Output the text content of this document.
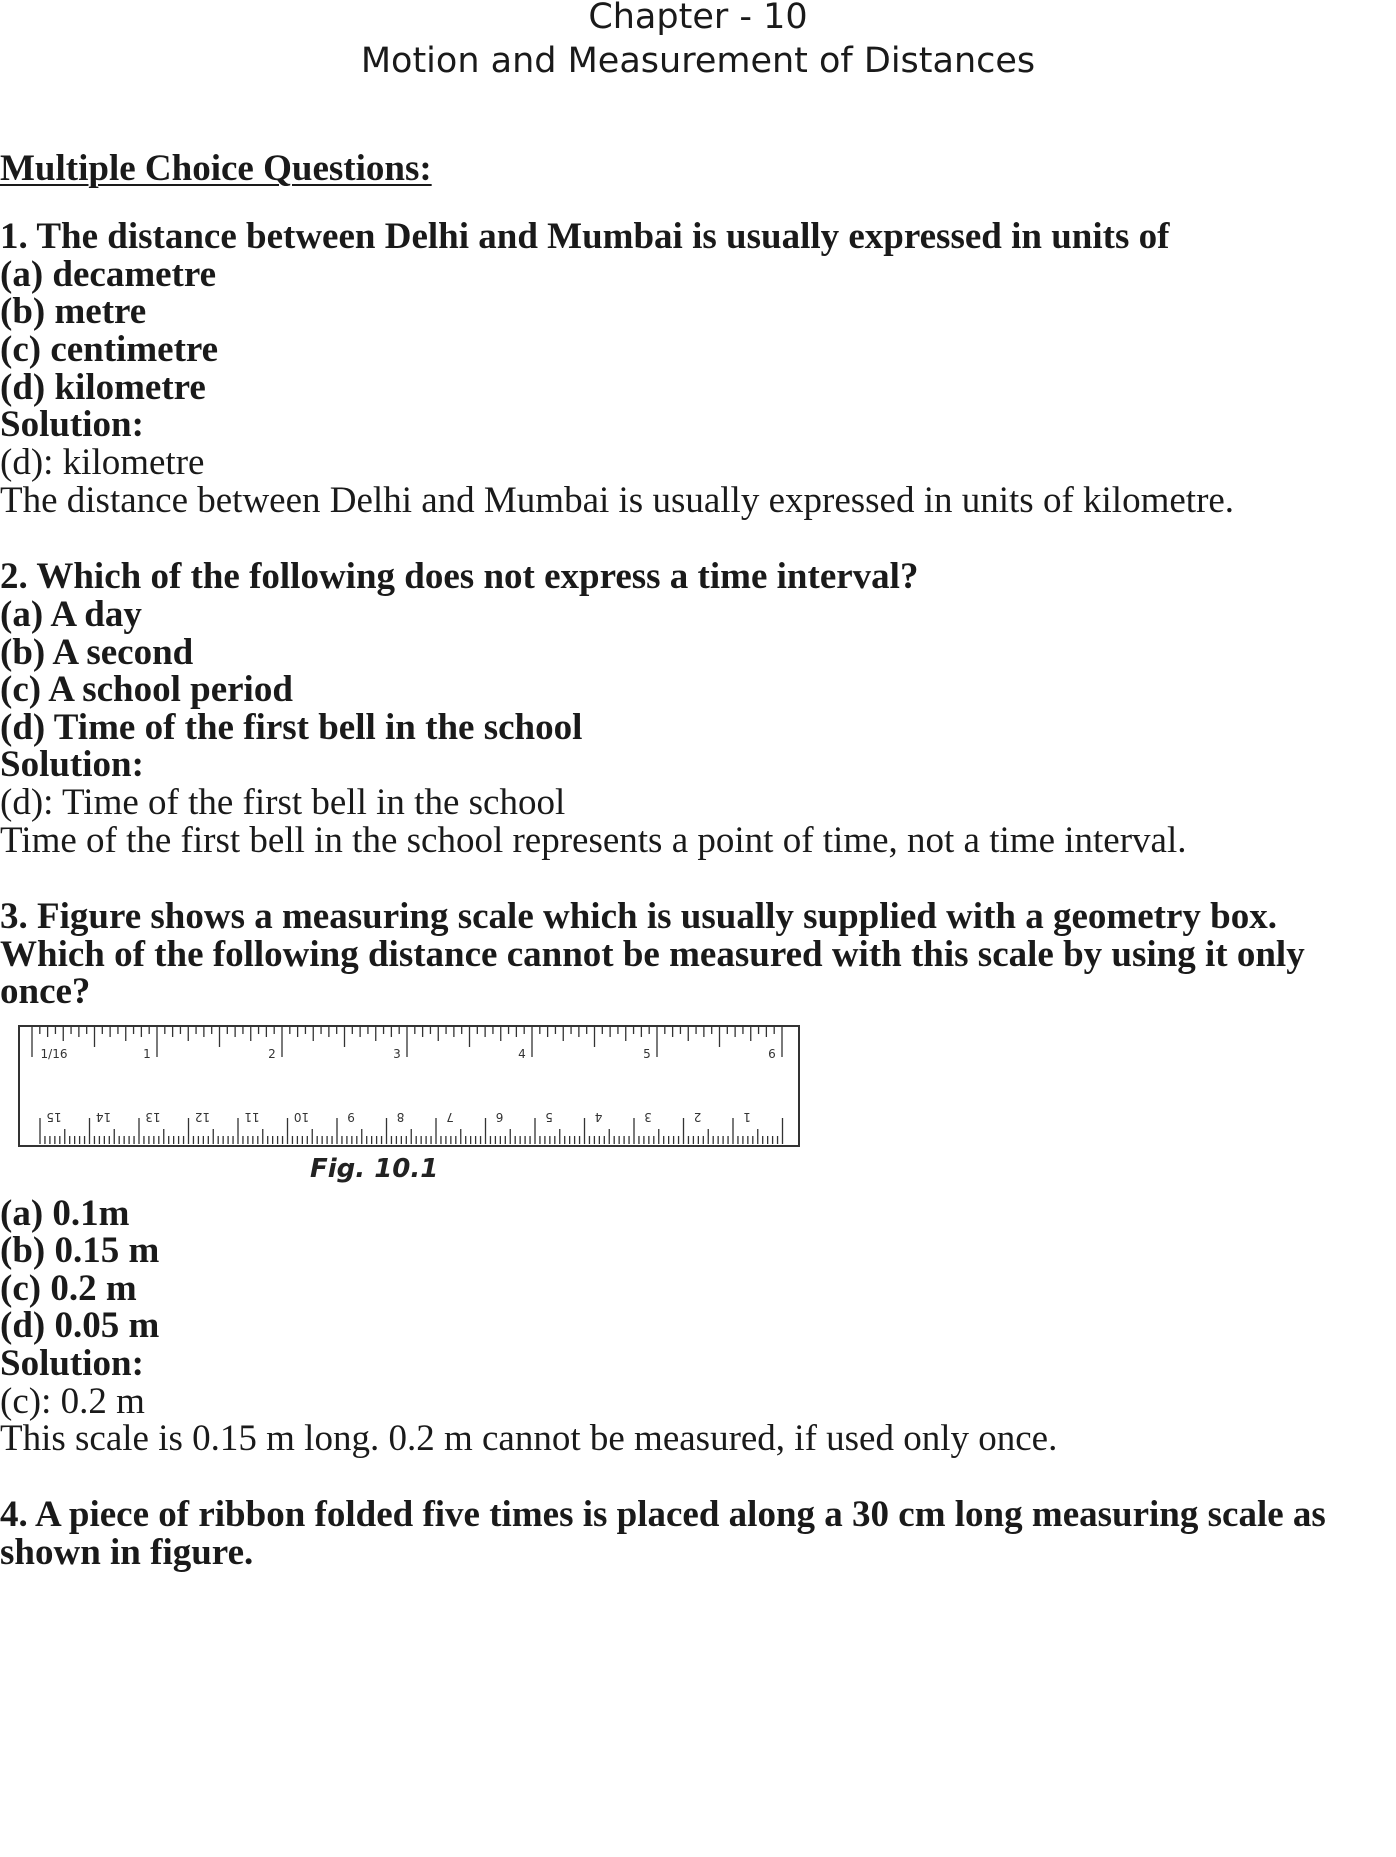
Chapter - 10
Motion and Measurement of Distances
Multiple Choice Questions:
1. The distance between Delhi and Mumbai is usually expressed in units of
(a) decametre
(b) metre
(c) centimetre
(d) kilometre
Solution:
(d): kilometre
The distance between Delhi and Mumbai is usually expressed in units of kilometre.
2. Which of the following does not express a time interval?
(a) A day
(b) A second
(c) A school period
(d) Time of the first bell in the school
Solution:
(d): Time of the first bell in the school
Time of the first bell in the school represents a point of time, not a time interval.
3. Figure shows a measuring scale which is usually supplied with a geometry box.
Which of the following distance cannot be measured with this scale by using it only
once?
1/16	1	2	3	4	5	6
15	14	13	12	11	10	9	8	7	6	5	4	3	2	1
Fig. 10.1
(a) 0.1m
(b) 0.15 m
(c) 0.2 m
(d) 0.05 m
Solution:
(c): 0.2 m
This scale is 0.15 m long. 0.2 m cannot be measured, if used only once.
4. A piece of ribbon folded five times is placed along a 30 cm long measuring scale as
shown in figure.
